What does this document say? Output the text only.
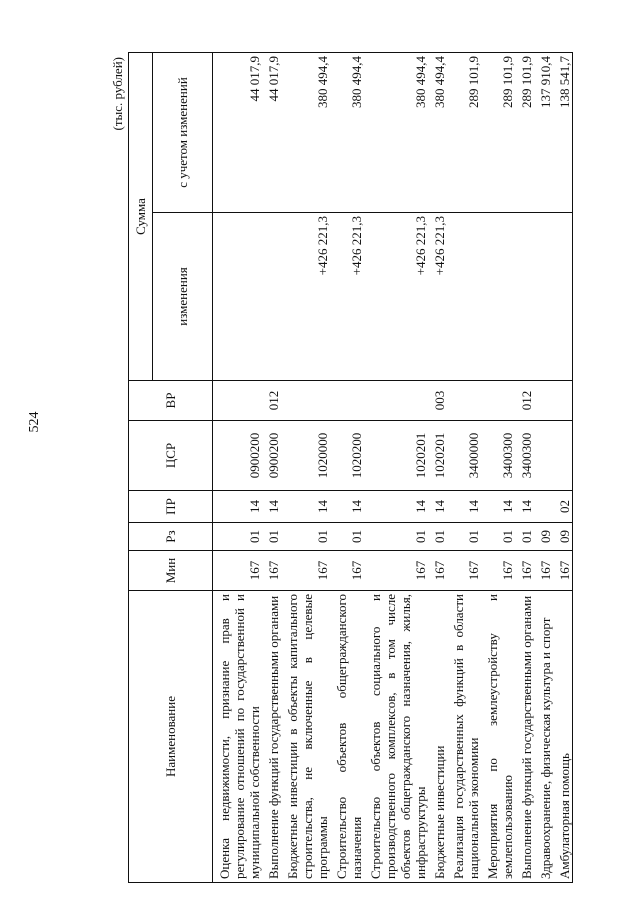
524
(тыс. рублей)
Наименование	Мин	Рз	ПР	ЦСР	ВР	Сумма	
						изменения	с учетом изменений
Оценка недвижимости, признание прав и регулирование отношений по государственной и муниципальной собственности	167	01	14	0900200			44 017,9
Выполнение функций государственными органами	167	01	14	0900200	012		44 017,9
Бюджетные инвестиции в объекты капитального строительства, не включенные в целевые программы	167	01	14	1020000		+426 221,3	380 494,4
Строительство объектов общегражданского назначения	167	01	14	1020200		+426 221,3	380 494,4
Строительство объектов социального и производственного комплексов, в том числе объектов общегражданского назначения, жилья, инфраструктуры	167	01	14	1020201		+426 221,3	380 494,4
Бюджетные инвестиции	167	01	14	1020201	003	+426 221,3	380 494,4
Реализация государственных функций в области национальной экономики	167	01	14	3400000			289 101,9
Мероприятия по землеустройству и землепользованию	167	01	14	3400300			289 101,9
Выполнение функций государственными органами	167	01	14	3400300	012		289 101,9
Здравоохранение, физическая культура и спорт	167	09					137 910,4
Амбулаторная помощь	167	09	02				138 541,7
